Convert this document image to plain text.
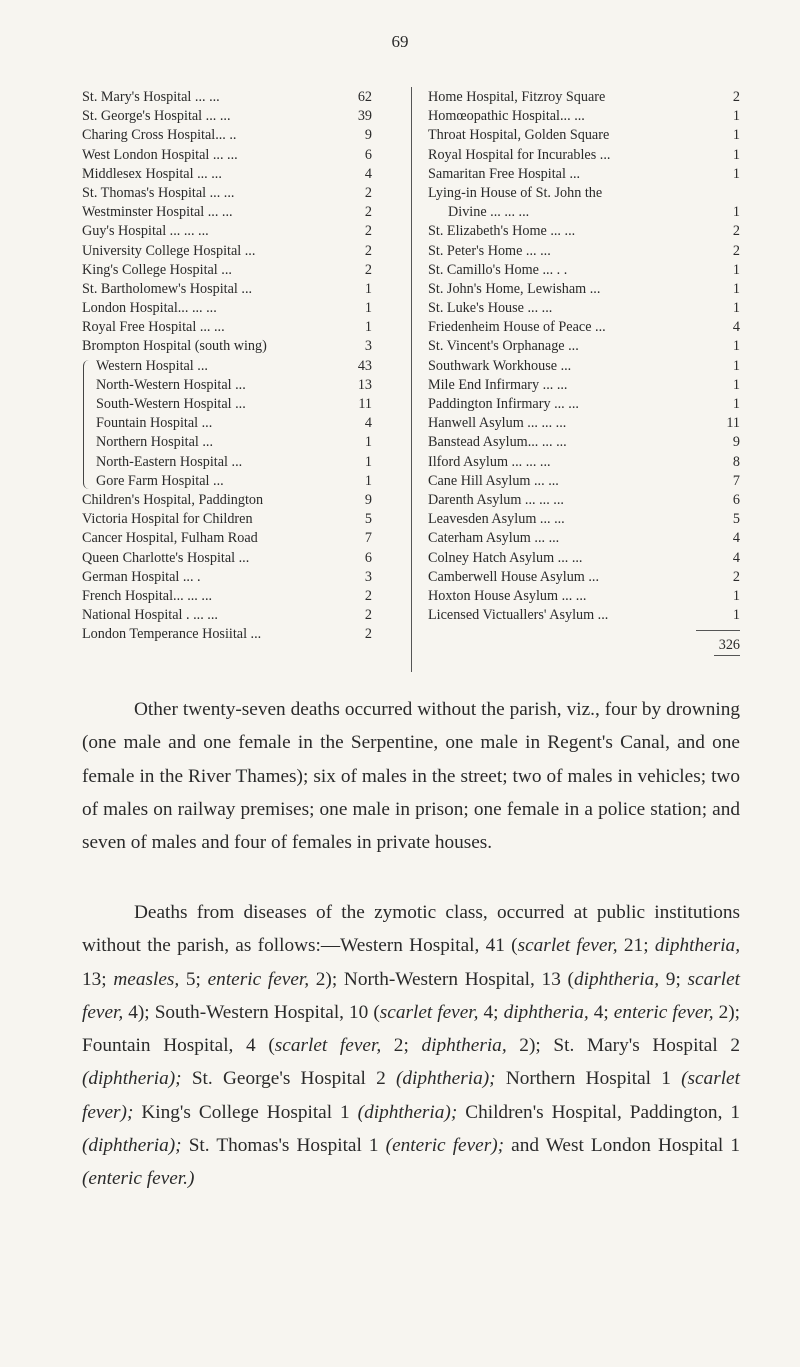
69
St. Mary's Hospital ... ...	62
St. George's Hospital ... ...	39
Charing Cross Hospital... ..	9
West London Hospital ... ...	6
Middlesex Hospital ... ...	4
St. Thomas's Hospital ... ...	2
Westminster Hospital ... ...	2
Guy's Hospital ... ... ...	2
University College Hospital ...	2
King's College Hospital ...	2
St. Bartholomew's Hospital ...	1
London Hospital... ... ...	1
Royal Free Hospital ... ...	1
Brompton Hospital (south wing)	3
Western Hospital ...	43
North-Western Hospital ...	13
South-Western Hospital ...	11
Fountain Hospital ...	4
Northern Hospital ...	1
North-Eastern Hospital ...	1
Gore Farm Hospital ...	1
Children's Hospital, Paddington	9
Victoria Hospital for Children	5
Cancer Hospital, Fulham Road	7
Queen Charlotte's Hospital ...	6
German Hospital ... .	3
French Hospital... ... ...	2
National Hospital . ... ...	2
London Temperance Hosiital ...	2
Home Hospital, Fitzroy Square	2
Homœopathic Hospital... ...	1
Throat Hospital, Golden Square	1
Royal Hospital for Incurables ...	1
Samaritan Free Hospital ...	1
Lying-in House of St. John the
Divine ... ... ...	1
St. Elizabeth's Home ... ...	2
St. Peter's Home ... ...	2
St. Camillo's Home ... . .	1
St. John's Home, Lewisham ...	1
St. Luke's House ... ...	1
Friedenheim House of Peace ...	4
St. Vincent's Orphanage ...	1
Southwark Workhouse ...	1
Mile End Infirmary ... ...	1
Paddington Infirmary ... ...	1
Hanwell Asylum ... ... ...	11
Banstead Asylum... ... ...	9
Ilford Asylum ... ... ...	8
Cane Hill Asylum ... ...	7
Darenth Asylum ... ... ...	6
Leavesden Asylum ... ...	5
Caterham Asylum ... ...	4
Colney Hatch Asylum ... ...	4
Camberwell House Asylum ...	2
Hoxton House Asylum ... ...	1
Licensed Victuallers' Asylum ...	1
326

Other twenty-seven deaths occurred without the parish, viz., four by drowning (one male and one female in the Serpentine, one male in Regent's Canal, and one female in the River Thames); six of males in the street; two of males in vehicles; two of males on railway premises; one male in prison; one female in a police station; and seven of males and four of females in private houses.

Deaths from diseases of the zymotic class, occurred at public institutions without the parish, as follows:—Western Hospital, 41 (scarlet fever, 21; diphtheria, 13; measles, 5; enteric fever, 2); North-Western Hospital, 13 (diphtheria, 9; scarlet fever, 4); South-Western Hospital, 10 (scarlet fever, 4; diphtheria, 4; enteric fever, 2); Fountain Hospital, 4 (scarlet fever, 2; diphtheria, 2); St. Mary's Hospital 2 (diphtheria); St. George's Hospital 2 (diphtheria); Northern Hospital 1 (scarlet fever); King's College Hospital 1 (diphtheria); Children's Hospital, Paddington, 1 (diphtheria); St. Thomas's Hospital 1 (enteric fever); and West London Hospital 1 (enteric fever.)
